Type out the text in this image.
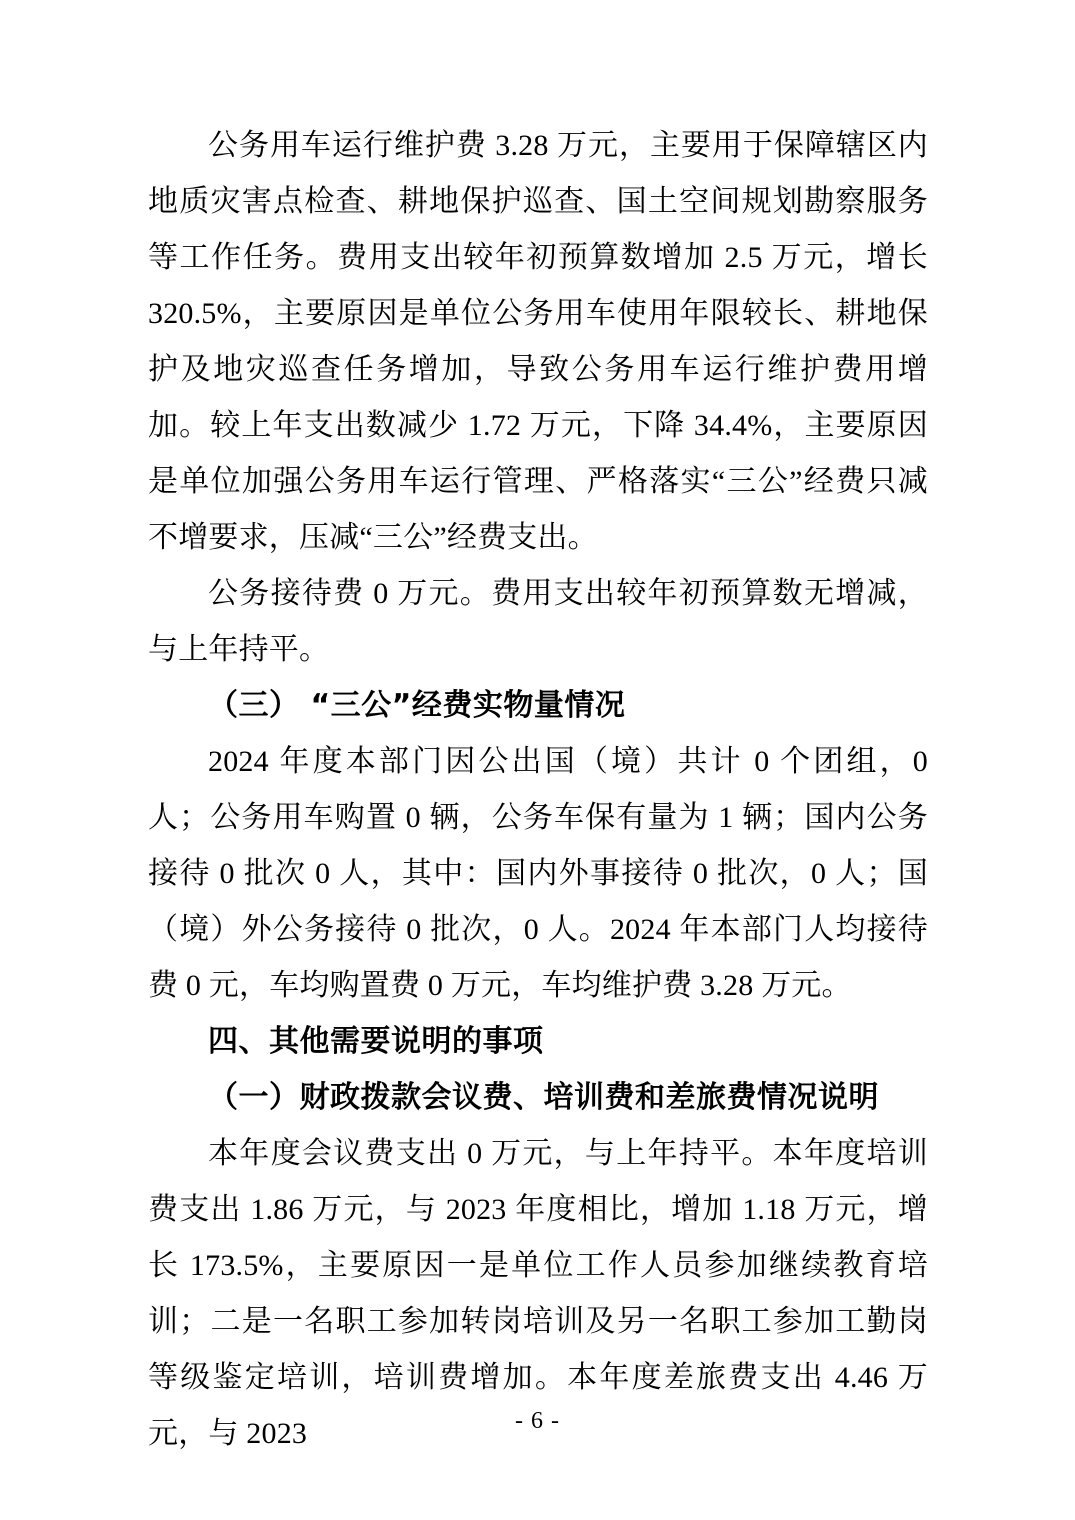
公务用车运行维护费 3.28 万元，主要用于保障辖区内地质灾害点检查、耕地保护巡查、国土空间规划勘察服务等工作任务。费用支出较年初预算数增加 2.5 万元，增长 320.5%，主要原因是单位公务用车使用年限较长、耕地保护及地灾巡查任务增加，导致公务用车运行维护费用增加。较上年支出数减少 1.72 万元，下降 34.4%，主要原因是单位加强公务用车运行管理、严格落实“三公”经费只减不增要求，压减“三公”经费支出。

公务接待费 0 万元。费用支出较年初预算数无增减，与上年持平。

（三） “三公”经费实物量情况

2024 年度本部门因公出国（境）共计 0 个团组，0 人；公务用车购置 0 辆，公务车保有量为 1 辆；国内公务接待 0 批次 0 人，其中：国内外事接待 0 批次，0 人；国（境）外公务接待 0 批次，0 人。2024 年本部门人均接待费 0 元，车均购置费 0 万元，车均维护费 3.28 万元。

四、其他需要说明的事项

（一）财政拨款会议费、培训费和差旅费情况说明

本年度会议费支出 0 万元，与上年持平。本年度培训费支出 1.86 万元，与 2023 年度相比，增加 1.18 万元，增长 173.5%，主要原因一是单位工作人员参加继续教育培训；二是一名职工参加转岗培训及另一名职工参加工勤岗等级鉴定培训，培训费增加。本年度差旅费支出 4.46 万元，与 2023	- 6 -
